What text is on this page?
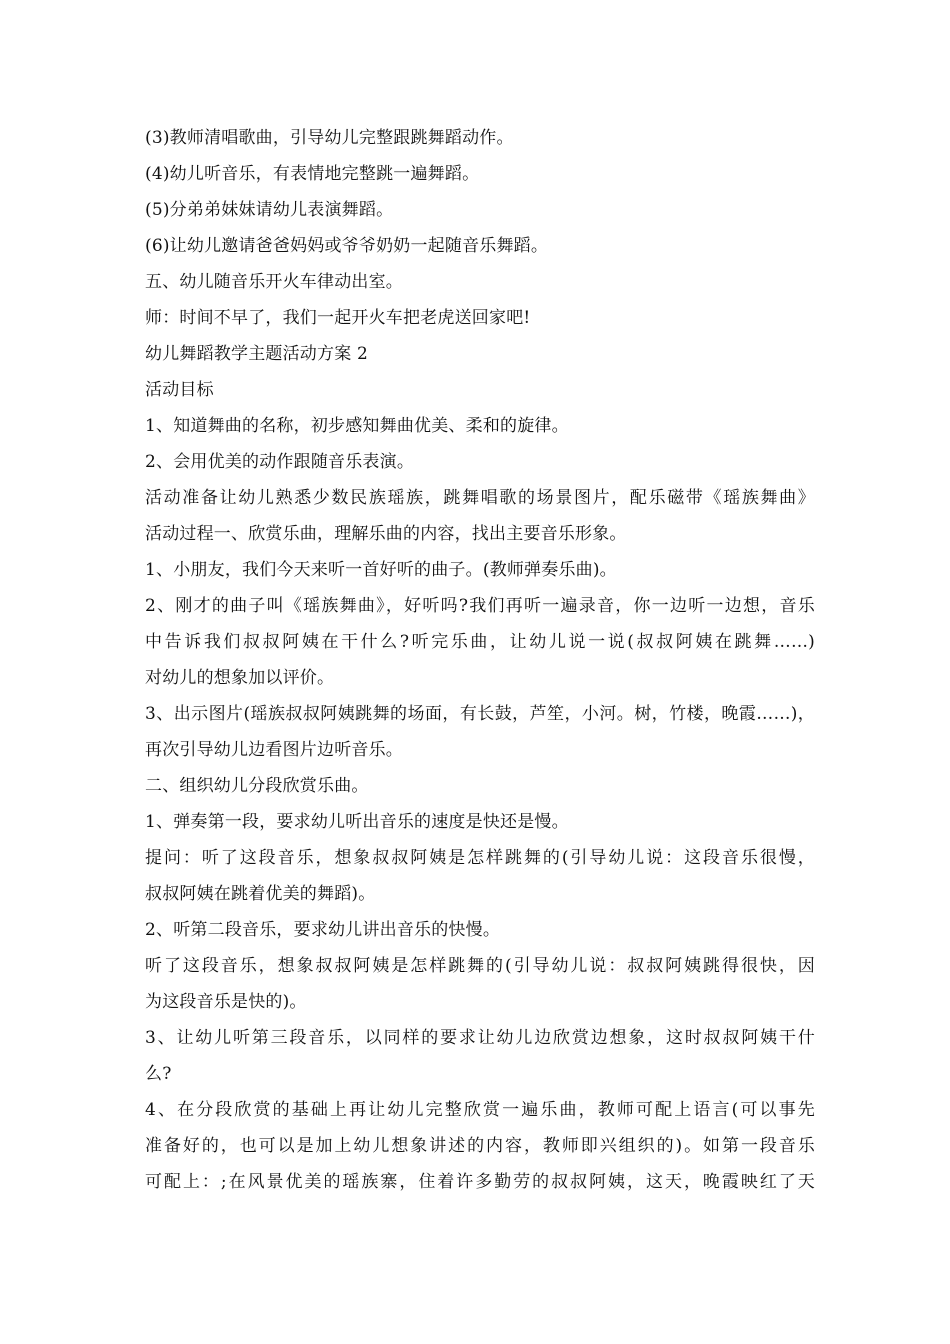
(3)教师清唱歌曲，引导幼儿完整跟跳舞蹈动作。
(4)幼儿听音乐，有表情地完整跳一遍舞蹈。
(5)分弟弟妹妹请幼儿表演舞蹈。
(6)让幼儿邀请爸爸妈妈或爷爷奶奶一起随音乐舞蹈。
五、幼儿随音乐开火车律动出室。
师：时间不早了，我们一起开火车把老虎送回家吧!
幼儿舞蹈教学主题活动方案 2
活动目标
1、知道舞曲的名称，初步感知舞曲优美、柔和的旋律。
2、会用优美的动作跟随音乐表演。
活动准备让幼儿熟悉少数民族瑶族，跳舞唱歌的场景图片，配乐磁带《瑶族舞曲》
活动过程一、欣赏乐曲，理解乐曲的内容，找出主要音乐形象。
1、小朋友，我们今天来听一首好听的曲子。(教师弹奏乐曲)。
2、刚才的曲子叫《瑶族舞曲》，好听吗?我们再听一遍录音，你一边听一边想，音乐
中告诉我们叔叔阿姨在干什么?听完乐曲，让幼儿说一说(叔叔阿姨在跳舞……)
对幼儿的想象加以评价。
3、出示图片(瑶族叔叔阿姨跳舞的场面，有长鼓，芦笙，小河。树，竹楼，晚霞……)，
再次引导幼儿边看图片边听音乐。
二、组织幼儿分段欣赏乐曲。
1、弹奏第一段，要求幼儿听出音乐的速度是快还是慢。
提问：听了这段音乐，想象叔叔阿姨是怎样跳舞的(引导幼儿说：这段音乐很慢，
叔叔阿姨在跳着优美的舞蹈)。
2、听第二段音乐，要求幼儿讲出音乐的快慢。
听了这段音乐，想象叔叔阿姨是怎样跳舞的(引导幼儿说：叔叔阿姨跳得很快，因
为这段音乐是快的)。
3、让幼儿听第三段音乐，以同样的要求让幼儿边欣赏边想象，这时叔叔阿姨干什
么?
4、在分段欣赏的基础上再让幼儿完整欣赏一遍乐曲，教师可配上语言(可以事先
准备好的，也可以是加上幼儿想象讲述的内容，教师即兴组织的)。如第一段音乐
可配上：;在风景优美的瑶族寨，住着许多勤劳的叔叔阿姨，这天，晚霞映红了天
